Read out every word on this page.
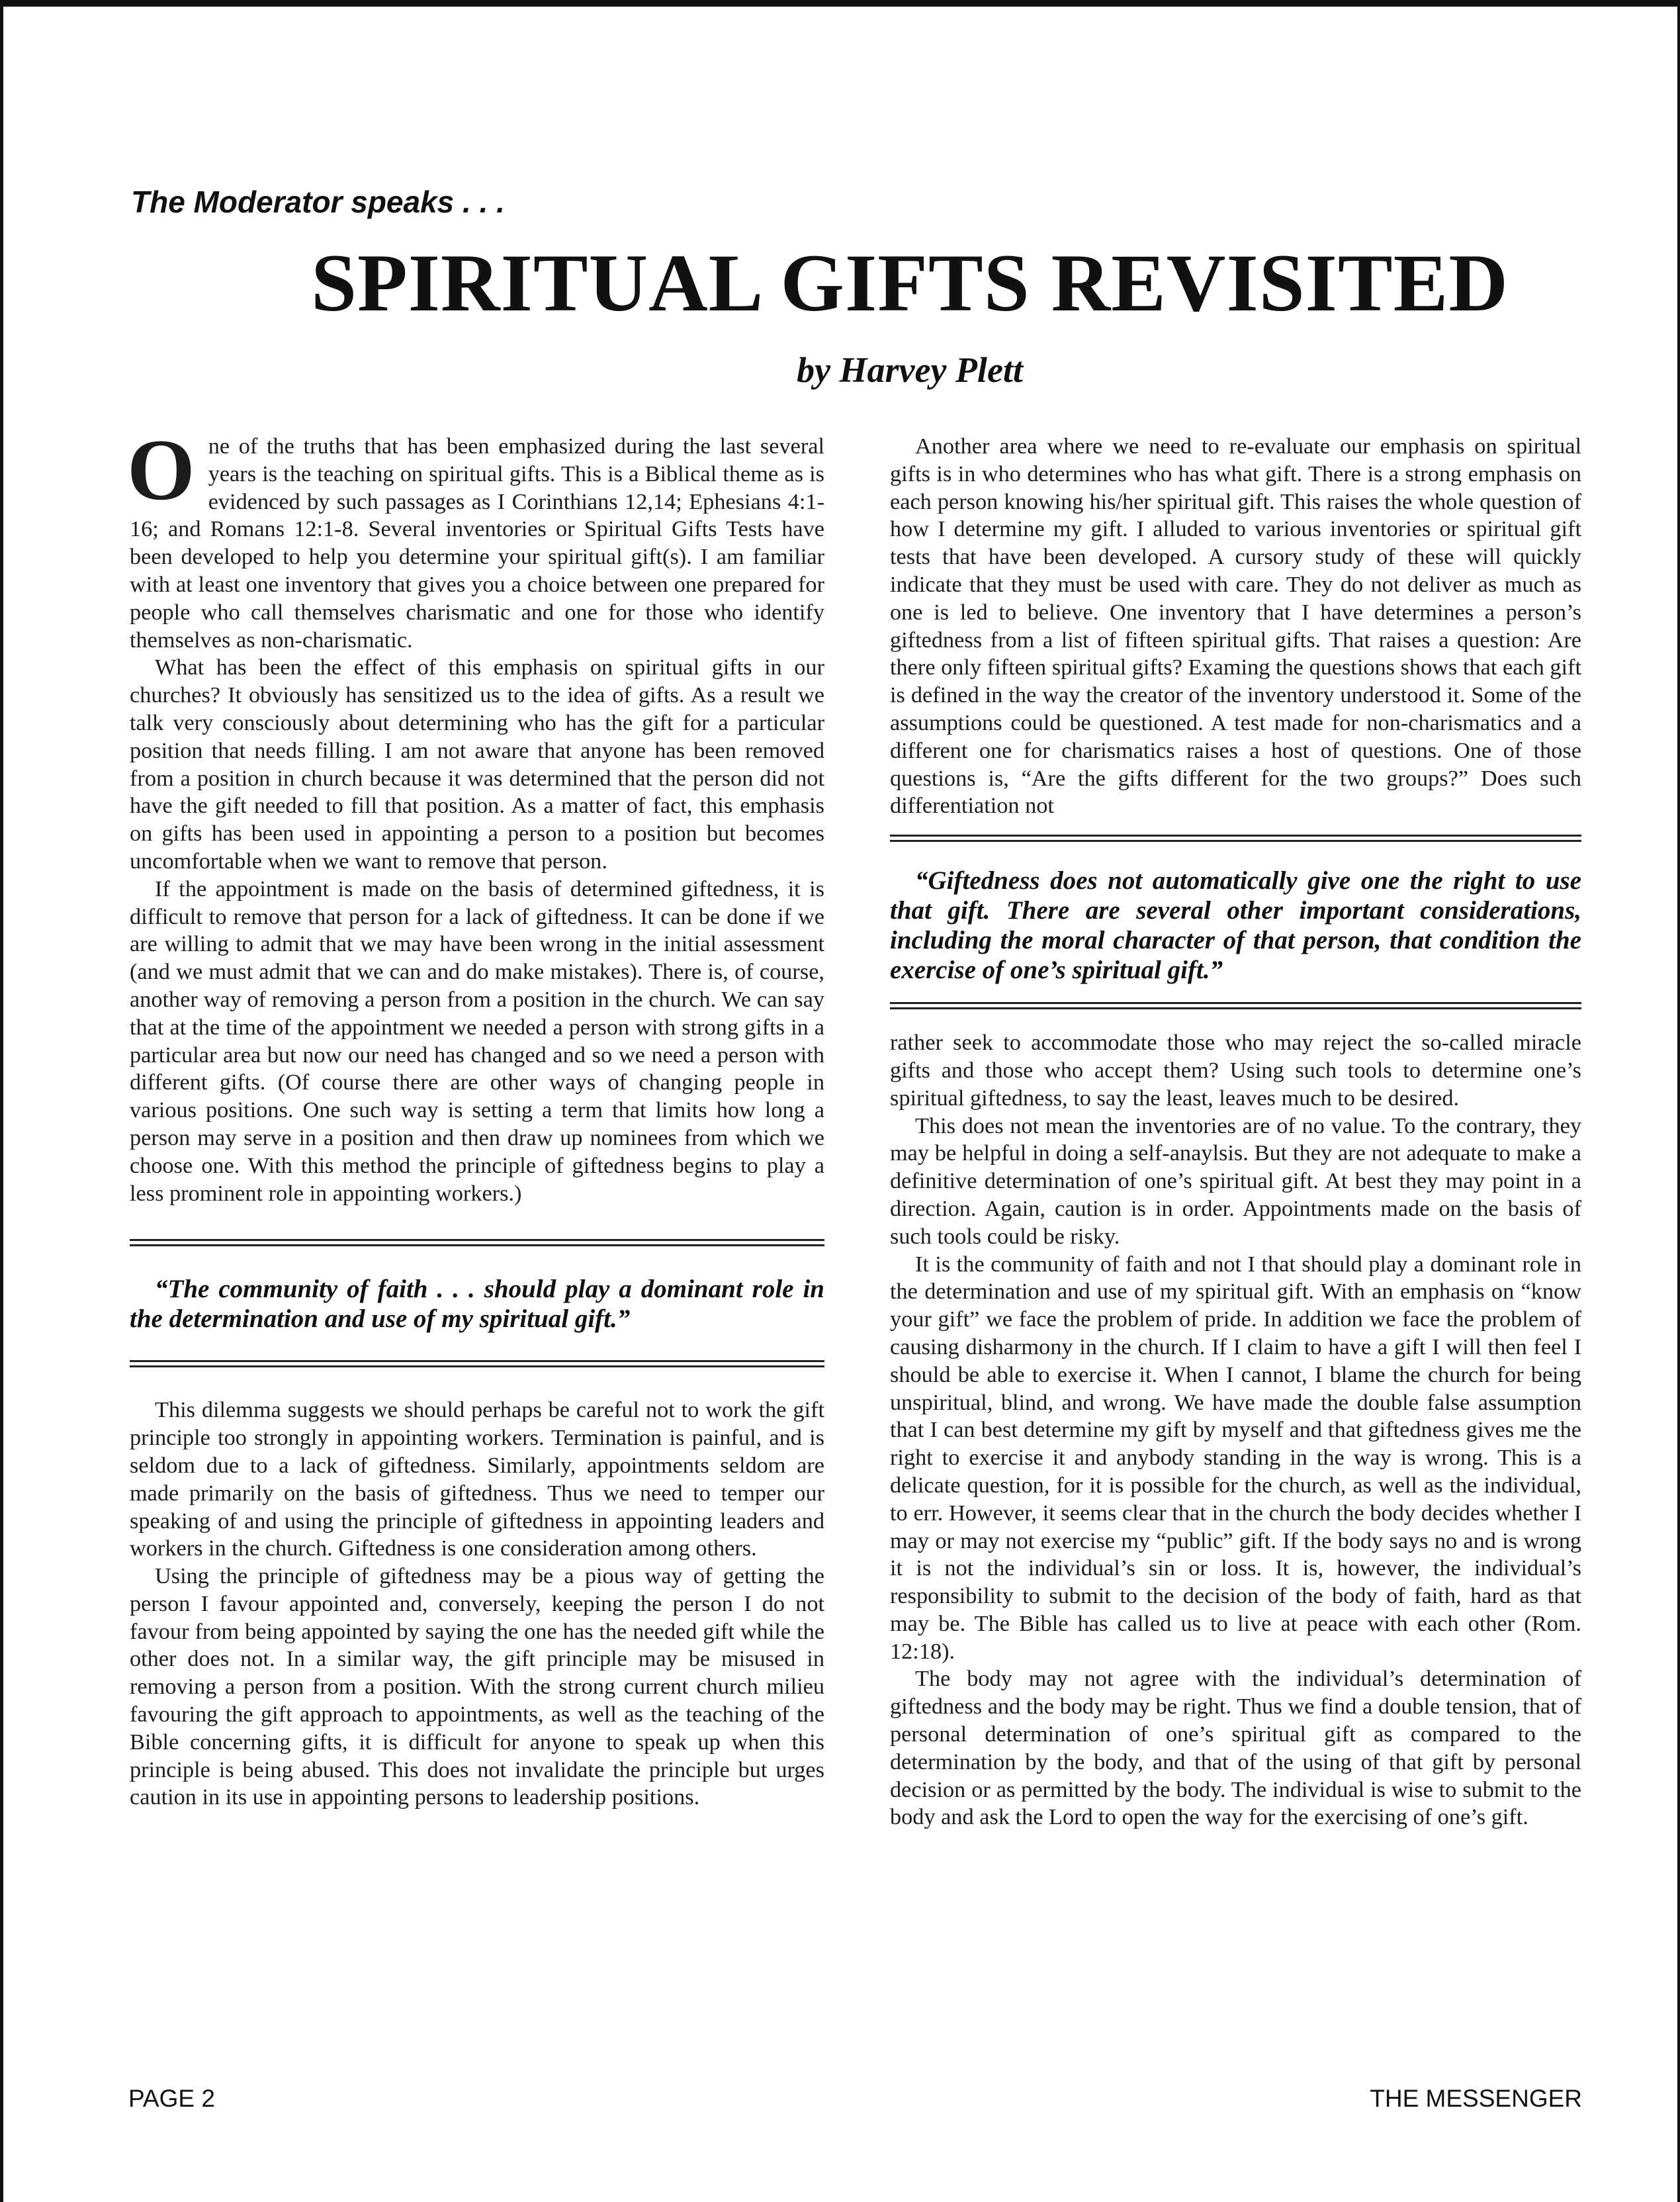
The Moderator speaks . . .

SPIRITUAL GIFTS REVISITED

by Harvey Plett

One of the truths that has been emphasized during the last several years is the teaching on spiritual gifts. This is a Biblical theme as is evidenced by such passages as I Corinthians 12,14; Ephesians 4:1-16; and Romans 12:1-8. Several inventories or Spiritual Gifts Tests have been developed to help you determine your spiritual gift(s). I am familiar with at least one inventory that gives you a choice between one prepared for people who call themselves charismatic and one for those who identify themselves as non-charismatic.

What has been the effect of this emphasis on spiritual gifts in our churches? It obviously has sensitized us to the idea of gifts. As a result we talk very consciously about determining who has the gift for a particular position that needs filling. I am not aware that anyone has been removed from a position in church because it was determined that the person did not have the gift needed to fill that position. As a matter of fact, this emphasis on gifts has been used in appointing a person to a position but becomes uncomfortable when we want to remove that person.

If the appointment is made on the basis of determined giftedness, it is difficult to remove that person for a lack of giftedness. It can be done if we are willing to admit that we may have been wrong in the initial assessment (and we must admit that we can and do make mistakes). There is, of course, another way of removing a person from a position in the church. We can say that at the time of the appointment we needed a person with strong gifts in a particular area but now our need has changed and so we need a person with different gifts. (Of course there are other ways of changing people in various positions. One such way is setting a term that limits how long a person may serve in a position and then draw up nominees from which we choose one. With this method the principle of giftedness begins to play a less prominent role in appointing workers.)

“The community of faith . . . should play a dominant role in the determination and use of my spiritual gift.”

This dilemma suggests we should perhaps be careful not to work the gift principle too strongly in appointing workers. Termination is painful, and is seldom due to a lack of giftedness. Similarly, appointments seldom are made primarily on the basis of giftedness. Thus we need to temper our speaking of and using the principle of giftedness in appointing leaders and workers in the church. Giftedness is one consideration among others.

Using the principle of giftedness may be a pious way of getting the person I favour appointed and, conversely, keeping the person I do not favour from being appointed by saying the one has the needed gift while the other does not. In a similar way, the gift principle may be misused in removing a person from a position. With the strong current church milieu favouring the gift approach to appointments, as well as the teaching of the Bible concerning gifts, it is difficult for anyone to speak up when this principle is being abused. This does not invalidate the principle but urges caution in its use in appointing persons to leadership positions.

Another area where we need to re-evaluate our emphasis on spiritual gifts is in who determines who has what gift. There is a strong emphasis on each person knowing his/her spiritual gift. This raises the whole question of how I determine my gift. I alluded to various inventories or spiritual gift tests that have been developed. A cursory study of these will quickly indicate that they must be used with care. They do not deliver as much as one is led to believe. One inventory that I have determines a person’s giftedness from a list of fifteen spiritual gifts. That raises a question: Are there only fifteen spiritual gifts? Examing the questions shows that each gift is defined in the way the creator of the inventory understood it. Some of the assumptions could be questioned. A test made for non-charismatics and a different one for charismatics raises a host of questions. One of those questions is, “Are the gifts different for the two groups?” Does such differentiation not

“Giftedness does not automatically give one the right to use that gift. There are several other important considerations, including the moral character of that person, that condition the exercise of one’s spiritual gift.”

rather seek to accommodate those who may reject the so-called miracle gifts and those who accept them? Using such tools to determine one’s spiritual giftedness, to say the least, leaves much to be desired.

This does not mean the inventories are of no value. To the contrary, they may be helpful in doing a self-anaylsis. But they are not adequate to make a definitive determination of one’s spiritual gift. At best they may point in a direction. Again, caution is in order. Appointments made on the basis of such tools could be risky.

It is the community of faith and not I that should play a dominant role in the determination and use of my spiritual gift. With an emphasis on “know your gift” we face the problem of pride. In addition we face the problem of causing disharmony in the church. If I claim to have a gift I will then feel I should be able to exercise it. When I cannot, I blame the church for being unspiritual, blind, and wrong. We have made the double false assumption that I can best determine my gift by myself and that giftedness gives me the right to exercise it and anybody standing in the way is wrong. This is a delicate question, for it is possible for the church, as well as the individual, to err. However, it seems clear that in the church the body decides whether I may or may not exercise my “public” gift. If the body says no and is wrong it is not the individual’s sin or loss. It is, however, the individual’s responsibility to submit to the decision of the body of faith, hard as that may be. The Bible has called us to live at peace with each other (Rom. 12:18).

The body may not agree with the individual’s determination of giftedness and the body may be right. Thus we find a double tension, that of personal determination of one’s spiritual gift as compared to the determination by the body, and that of the using of that gift by personal decision or as permitted by the body. The individual is wise to submit to the body and ask the Lord to open the way for the exercising of one’s gift.

PAGE 2	THE MESSENGER
